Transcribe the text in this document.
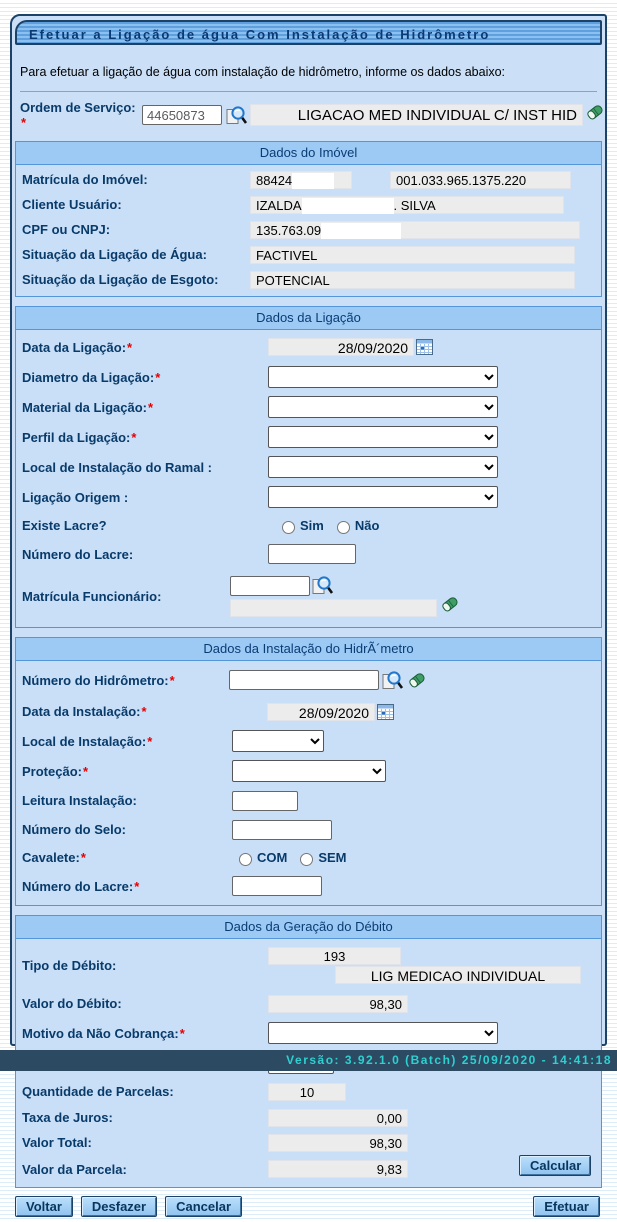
Efetuar a Ligação de água Com Instalação de Hidrômetro
Para efetuar a ligação de água com instalação de hidrômetro, informe os dados abaixo:
Ordem de Serviço: *
44650873	LIGACAO MED INDIVIDUAL C/ INST HID
Dados do Imóvel
Matrícula do Imóvel:	88424	001.033.965.1375.220
Cliente Usuário:	IZALDA	. SILVA
CPF ou CNPJ:	135.763.09
Situação da Ligação de Água:	FACTIVEL
Situação da Ligação de Esgoto:	POTENCIAL
Dados da Ligação
Data da Ligação:*	28/09/2020
Diametro da Ligação:*
Material da Ligação:*
Perfil da Ligação:*
Local de Instalação do Ramal :
Ligação Origem :
Existe Lacre?	Sim Não
Número do Lacre:
Matrícula Funcionário:
Dados da Instalação do HidrÃ´metro
Número do Hidrômetro:*
Data da Instalação:*	28/09/2020
Local de Instalação:*
Proteção:*
Leitura Instalação:
Número do Selo:
Cavalete:*	COM SEM
Número do Lacre:*
Dados da Geração do Débito
Tipo de Débito:
193
LIG MEDICAO INDIVIDUAL
Valor do Débito:	98,30
Motivo da Não Cobrança:*
Quantidade de Parcelas:	10
Taxa de Juros:	0,00
Valor Total:	98,30
Valor da Parcela:	9,83	Calcular
Voltar	Desfazer	Cancelar	Efetuar
Versão: 3.92.1.0 (Batch) 25/09/2020 - 14:41:18
